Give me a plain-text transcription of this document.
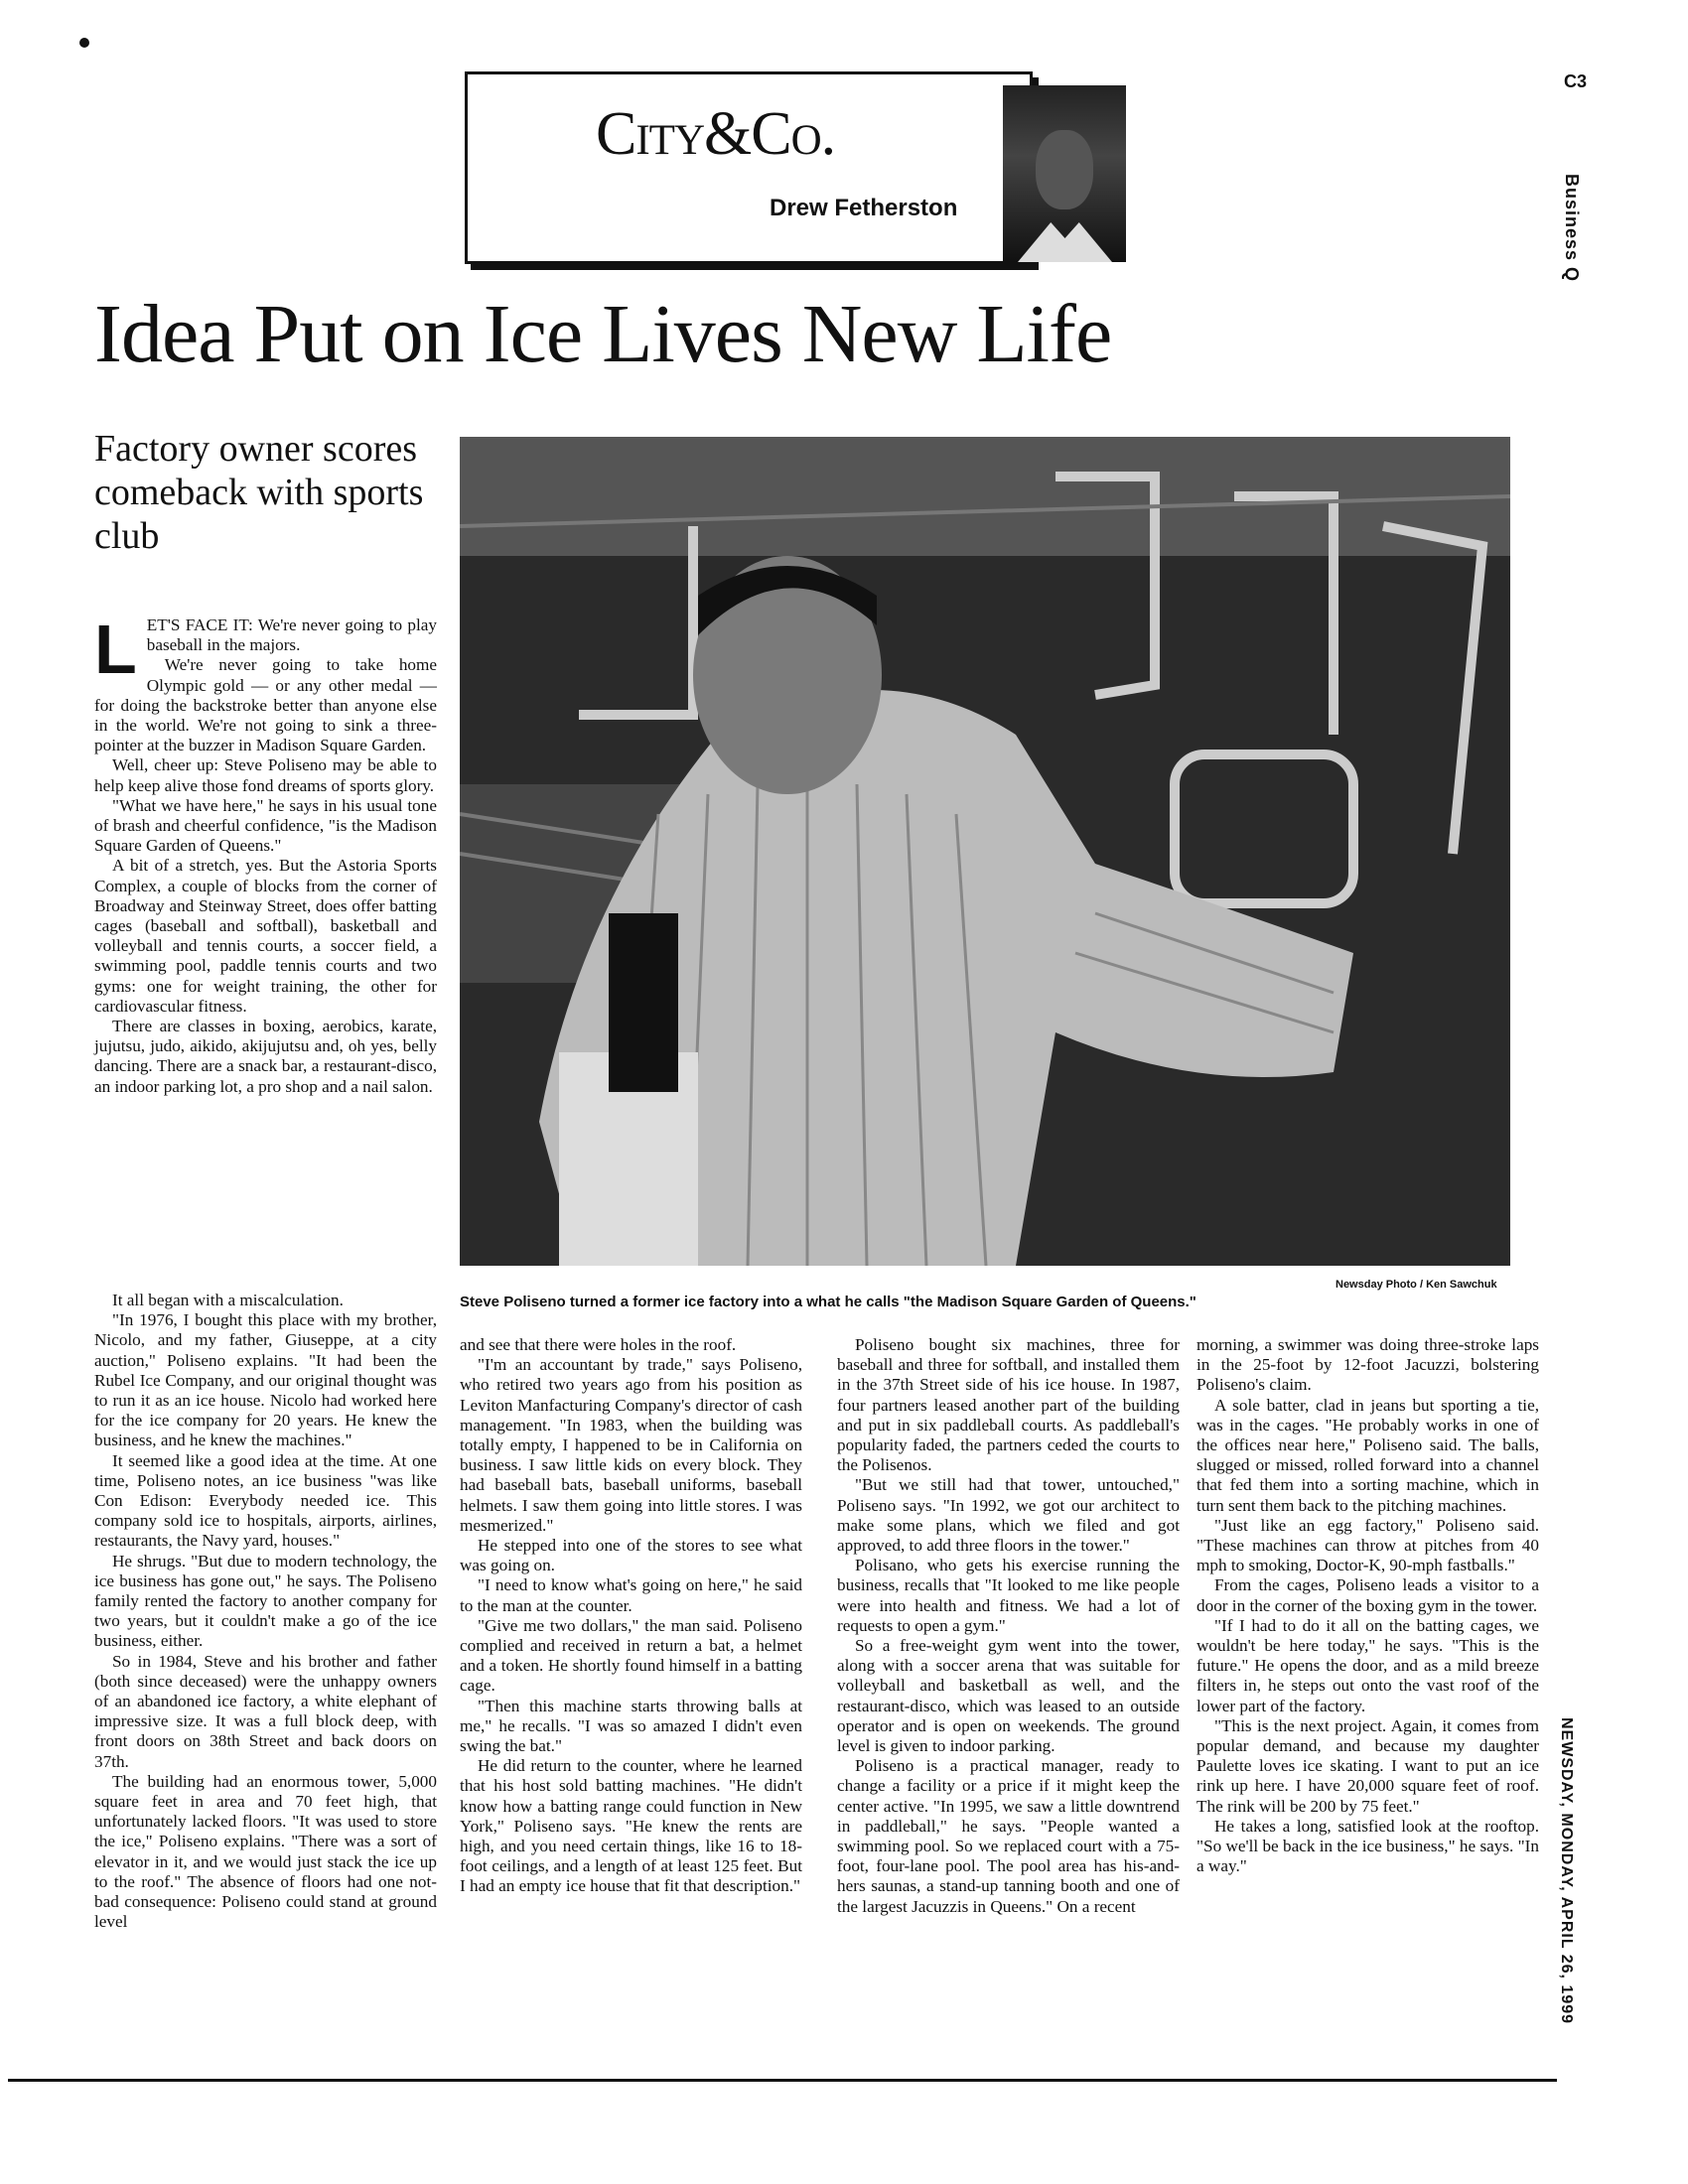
C3
Business Q
NEWSDAY, MONDAY, APRIL 26, 1999
City&Co.
Drew Fetherston
Idea Put on Ice Lives New Life
Factory owner scores comeback with sports club
Newsday Photo / Ken Sawchuk
Steve Poliseno turned a former ice factory into a what he calls "the Madison Square Garden of Queens."
L ET'S FACE IT: We're never going to play baseball in the majors.

We're never going to take home Olympic gold — or any other medal — for doing the backstroke better than anyone else in the world. We're not going to sink a three-pointer at the buzzer in Madison Square Garden.

Well, cheer up: Steve Poliseno may be able to help keep alive those fond dreams of sports glory.

"What we have here," he says in his usual tone of brash and cheerful confidence, "is the Madison Square Garden of Queens."

A bit of a stretch, yes. But the Astoria Sports Complex, a couple of blocks from the corner of Broadway and Steinway Street, does offer batting cages (baseball and softball), basketball and volleyball and tennis courts, a soccer field, a swimming pool, paddle tennis courts and two gyms: one for weight training, the other for cardiovascular fitness.

There are classes in boxing, aerobics, karate, jujutsu, judo, aikido, akijujutsu and, oh yes, belly dancing. There are a snack bar, a restaurant-disco, an indoor parking lot, a pro shop and a nail salon.

It all began with a miscalculation.

"In 1976, I bought this place with my brother, Nicolo, and my father, Giuseppe, at a city auction," Poliseno explains. "It had been the Rubel Ice Company, and our original thought was to run it as an ice house. Nicolo had worked here for the ice company for 20 years. He knew the business, and he knew the machines."

It seemed like a good idea at the time. At one time, Poliseno notes, an ice business "was like Con Edison: Everybody needed ice. This company sold ice to hospitals, airports, airlines, restaurants, the Navy yard, houses."

He shrugs. "But due to modern technology, the ice business has gone out," he says. The Poliseno family rented the factory to another company for two years, but it couldn't make a go of the ice business, either.

So in 1984, Steve and his brother and father (both since deceased) were the unhappy owners of an abandoned ice factory, a white elephant of impressive size. It was a full block deep, with front doors on 38th Street and back doors on 37th.

The building had an enormous tower, 5,000 square feet in area and 70 feet high, that unfortunately lacked floors. "It was used to store the ice," Poliseno explains. "There was a sort of elevator in it, and we would just stack the ice up to the roof." The absence of floors had one not-bad consequence: Poliseno could stand at ground level

and see that there were holes in the roof.

"I'm an accountant by trade," says Poliseno, who retired two years ago from his position as Leviton Manfacturing Company's director of cash management. "In 1983, when the building was totally empty, I happened to be in California on business. I saw little kids on every block. They had baseball bats, baseball uniforms, baseball helmets. I saw them going into little stores. I was mesmerized."

He stepped into one of the stores to see what was going on.

"I need to know what's going on here," he said to the man at the counter.

"Give me two dollars," the man said. Poliseno complied and received in return a bat, a helmet and a token. He shortly found himself in a batting cage.

"Then this machine starts throwing balls at me," he recalls. "I was so amazed I didn't even swing the bat."

He did return to the counter, where he learned that his host sold batting machines. "He didn't know how a batting range could function in New York," Poliseno says. "He knew the rents are high, and you need certain things, like 16 to 18-foot ceilings, and a length of at least 125 feet. But I had an empty ice house that fit that description."

Poliseno bought six machines, three for baseball and three for softball, and installed them in the 37th Street side of his ice house. In 1987, four partners leased another part of the building and put in six paddleball courts. As paddleball's popularity faded, the partners ceded the courts to the Polisenos.

"But we still had that tower, untouched," Poliseno says. "In 1992, we got our architect to make some plans, which we filed and got approved, to add three floors in the tower."

Polisano, who gets his exercise running the business, recalls that "It looked to me like people were into health and fitness. We had a lot of requests to open a gym."

So a free-weight gym went into the tower, along with a soccer arena that was suitable for volleyball and basketball as well, and the restaurant-disco, which was leased to an outside operator and is open on weekends. The ground level is given to indoor parking.

Poliseno is a practical manager, ready to change a facility or a price if it might keep the center active. "In 1995, we saw a little downtrend in paddleball," he says. "People wanted a swimming pool. So we replaced court with a 75-foot, four-lane pool. The pool area has his-and-hers saunas, a stand-up tanning booth and one of the largest Jacuzzis in Queens." On a recent

morning, a swimmer was doing three-stroke laps in the 25-foot by 12-foot Jacuzzi, bolstering Poliseno's claim.

A sole batter, clad in jeans but sporting a tie, was in the cages. "He probably works in one of the offices near here," Poliseno said. The balls, slugged or missed, rolled forward into a channel that fed them into a sorting machine, which in turn sent them back to the pitching machines.

"Just like an egg factory," Poliseno said. "These machines can throw at pitches from 40 mph to smoking, Doctor-K, 90-mph fastballs."

From the cages, Poliseno leads a visitor to a door in the corner of the boxing gym in the tower.

"If I had to do it all on the batting cages, we wouldn't be here today," he says. "This is the future." He opens the door, and as a mild breeze filters in, he steps out onto the vast roof of the lower part of the factory.

"This is the next project. Again, it comes from popular demand, and because my daughter Paulette loves ice skating. I want to put an ice rink up here. I have 20,000 square feet of roof. The rink will be 200 by 75 feet."

He takes a long, satisfied look at the rooftop. "So we'll be back in the ice business," he says. "In a way."
